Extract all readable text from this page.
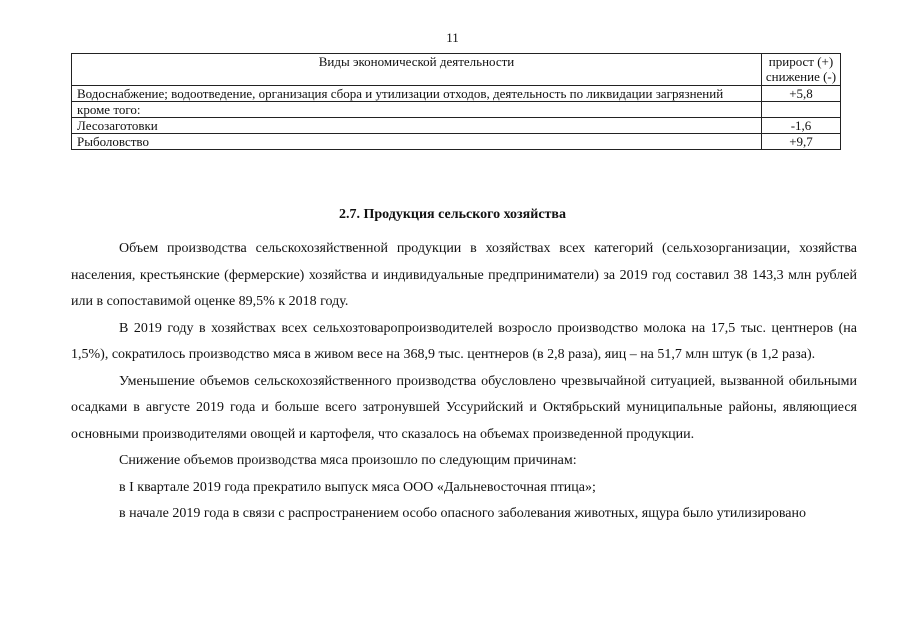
11
Виды экономической деятельности	прирост (+) снижение (-)
Водоснабжение; водоотведение, организация сбора и утилизации отходов, деятельность по ликвидации загрязнений	+5,8
кроме того:	
Лесозаготовки	-1,6
Рыболовство	+9,7
2.7. Продукция сельского хозяйства

Объем производства сельскохозяйственной продукции в хозяйствах всех категорий (сельхозорганизации, хозяйства населения, крестьянские (фермерские) хозяйства и индивидуальные предприниматели) за 2019 год составил 38 143,3 млн рублей или в сопоставимой оценке 89,5% к 2018 году.

В 2019 году в хозяйствах всех сельхозтоваропроизводителей возросло производство молока на 17,5 тыс. центнеров (на 1,5%), сократилось производство мяса в живом весе на 368,9 тыс. центнеров (в 2,8 раза), яиц – на 51,7 млн штук (в 1,2 раза).

Уменьшение объемов сельскохозяйственного производства обусловлено чрезвычайной ситуацией, вызванной обильными осадками в августе 2019 года и больше всего затронувшей Уссурийский и Октябрьский муниципальные районы, являющиеся основными производителями овощей и картофеля, что сказалось на объемах произведенной продукции.

Снижение объемов производства мяса произошло по следующим причинам:

в I квартале 2019 года прекратило выпуск мяса ООО «Дальневосточная птица»;

в начале 2019 года в связи с распространением особо опасного заболевания животных, ящура было утилизировано
